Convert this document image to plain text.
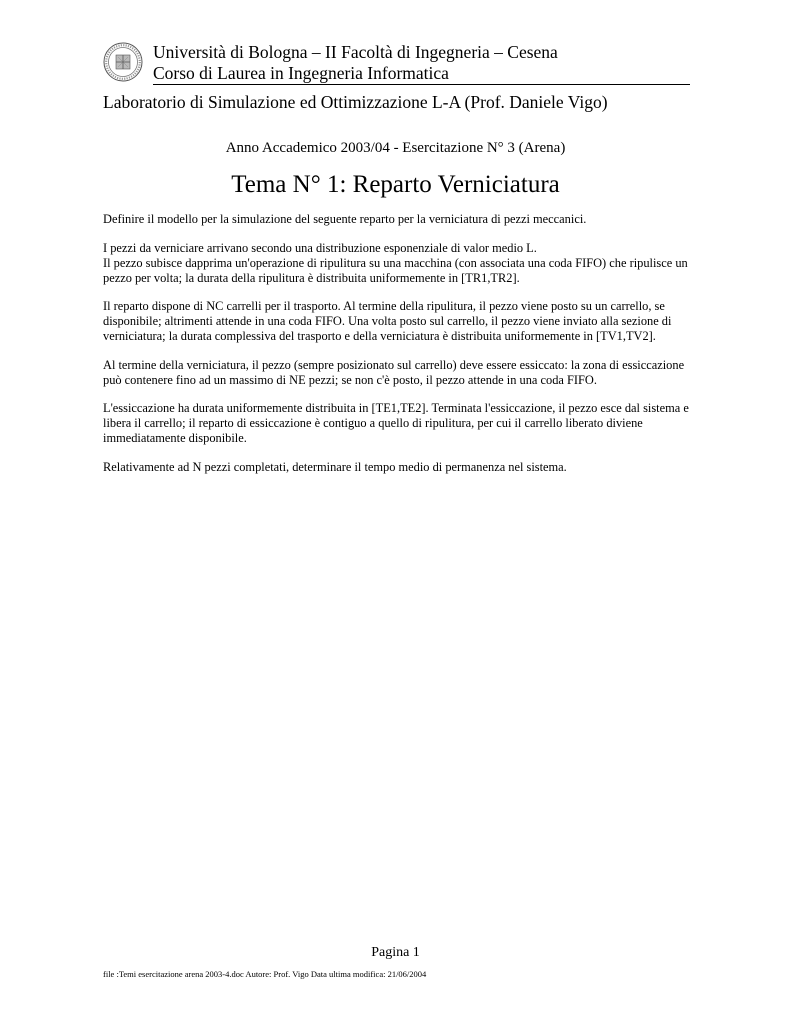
Università di Bologna – II Facoltà di Ingegneria – Cesena
Corso di Laurea in Ingegneria Informatica
Laboratorio di Simulazione ed Ottimizzazione L-A (Prof. Daniele Vigo)
Anno Accademico 2003/04 - Esercitazione N° 3 (Arena)
Tema N° 1: Reparto Verniciatura

Definire il modello per la simulazione del seguente reparto per la verniciatura di pezzi meccanici.

I pezzi da verniciare arrivano secondo una distribuzione esponenziale di valor medio L.

Il pezzo subisce dapprima un'operazione di ripulitura su una macchina (con associata una coda FIFO) che ripulisce un pezzo per volta; la durata della ripulitura è distribuita uniformemente in [TR1,TR2].

Il reparto dispone di NC carrelli per il trasporto. Al termine della ripulitura, il pezzo viene posto su un carrello, se disponibile; altrimenti attende in una coda FIFO. Una volta posto sul carrello, il pezzo viene inviato alla sezione di verniciatura; la durata complessiva del trasporto e della verniciatura è distribuita uniformemente in [TV1,TV2].

Al termine della verniciatura, il pezzo (sempre posizionato sul carrello) deve essere essiccato: la zona di essiccazione può contenere fino ad un massimo di NE pezzi; se non c'è posto, il pezzo attende in una coda FIFO.

L'essiccazione ha durata uniformemente distribuita in [TE1,TE2]. Terminata l'essiccazione, il pezzo esce dal sistema e libera il carrello; il reparto di essiccazione è contiguo a quello di ripulitura, per cui il carrello liberato diviene immediatamente disponibile.

Relativamente ad N pezzi completati, determinare il tempo medio di permanenza nel sistema.

Pagina 1
file :Temi esercitazione arena 2003-4.doc Autore: Prof. Vigo Data ultima modifica: 21/06/2004
